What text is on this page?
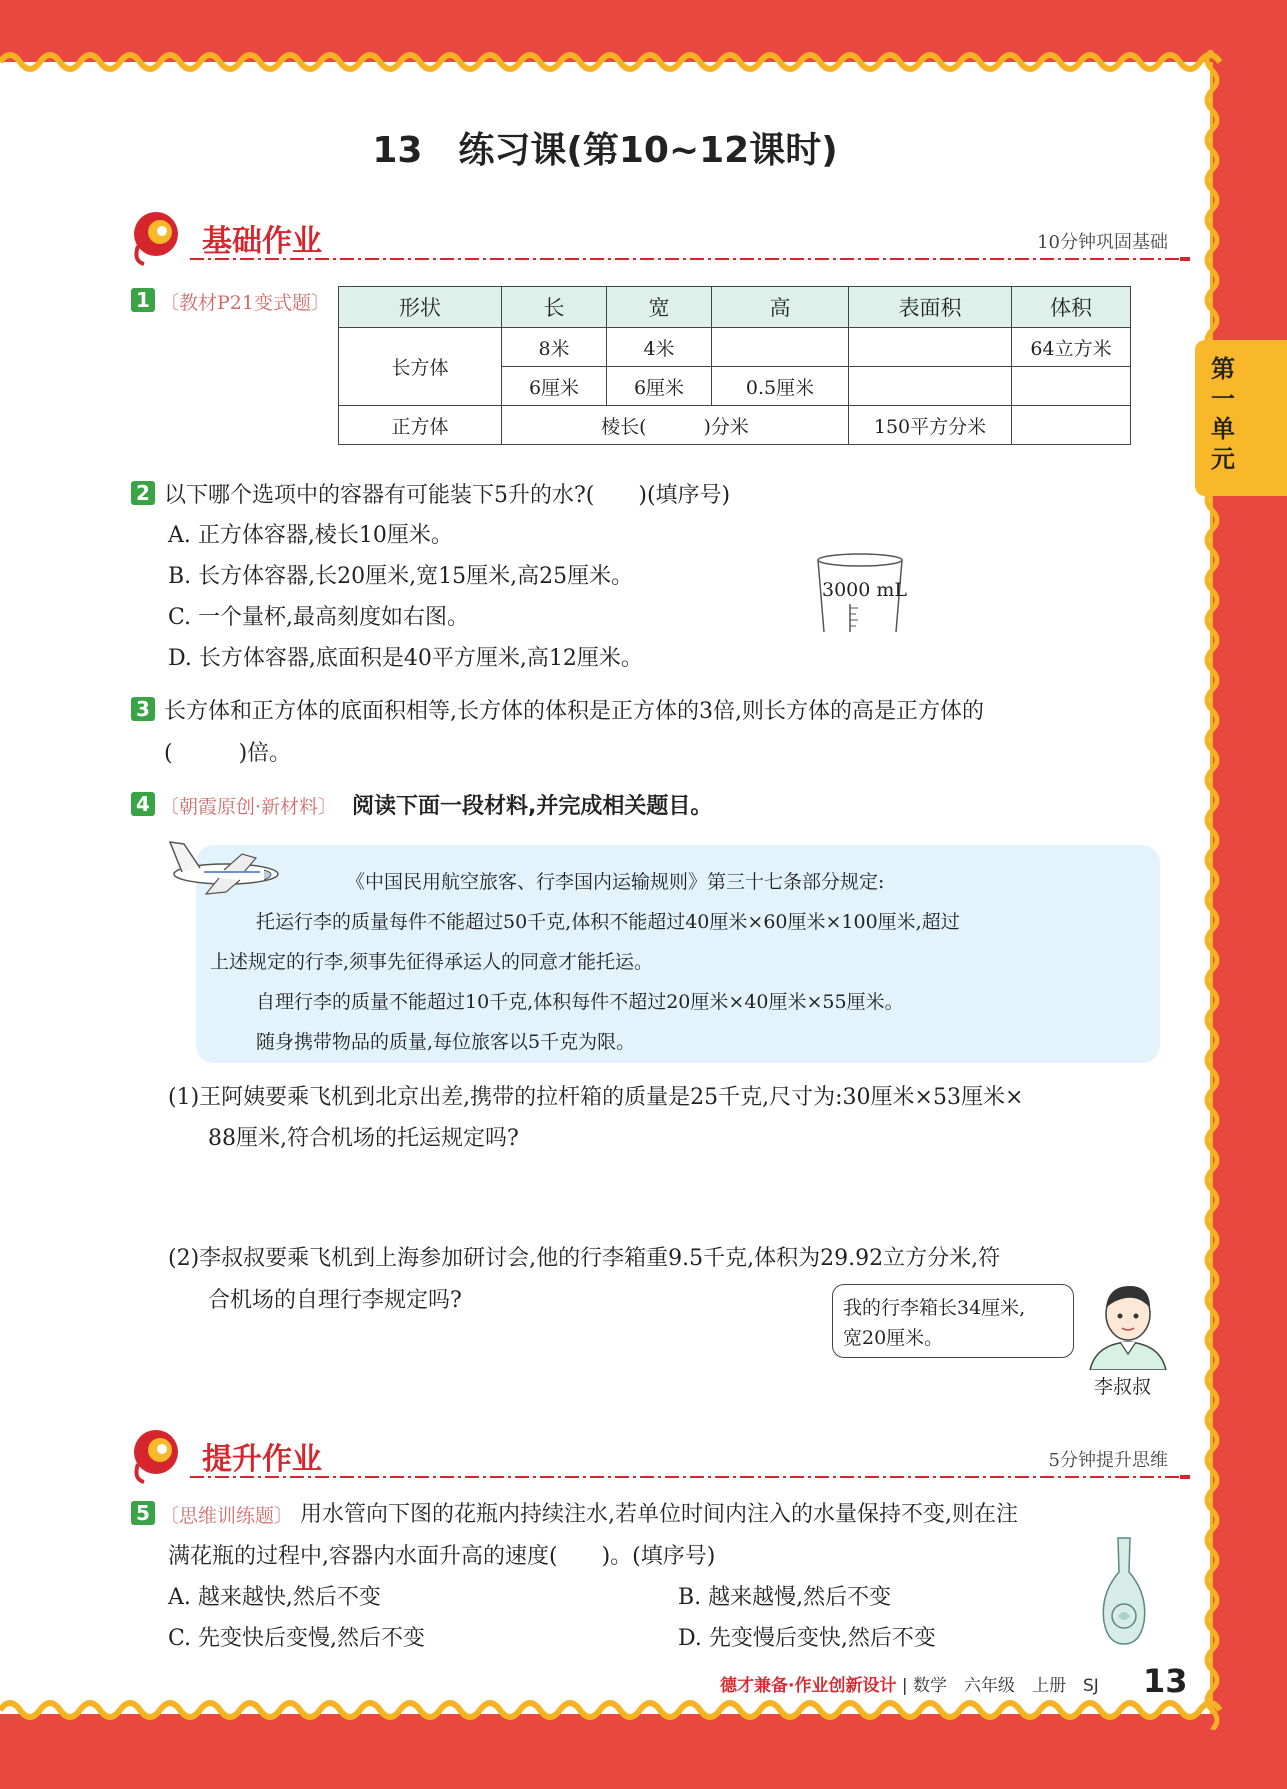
第一单元
13　练习课(第10~12课时)
基础作业	10分钟巩固基础
1 〔教材P21变式题〕	形状	长	宽	高	表面积	体积
长方体	8米	4米			64立方米
	6厘米	6厘米	0.5厘米		
正方体	棱长(　　　)分米			150平方分米	
2 以下哪个选项中的容器有可能装下5升的水?(　　)(填序号)
A. 正方体容器,棱长10厘米。
B. 长方体容器,长20厘米,宽15厘米,高25厘米。
C. 一个量杯,最高刻度如右图。
D. 长方体容器,底面积是40平方厘米,高12厘米。
3000 mL
3 长方体和正方体的底面积相等,长方体的体积是正方体的3倍,则长方体的高是正方体的
(　　　)倍。
4 〔朝霞原创·新材料〕 阅读下面一段材料,并完成相关题目。
《中国民用航空旅客、行李国内运输规则》第三十七条部分规定:
托运行李的质量每件不能超过50千克,体积不能超过40厘米×60厘米×100厘米,超过
上述规定的行李,须事先征得承运人的同意才能托运。
自理行李的质量不能超过10千克,体积每件不超过20厘米×40厘米×55厘米。
随身携带物品的质量,每位旅客以5千克为限。
(1)王阿姨要乘飞机到北京出差,携带的拉杆箱的质量是25千克,尺寸为:30厘米×53厘米×
88厘米,符合机场的托运规定吗?
(2)李叔叔要乘飞机到上海参加研讨会,他的行李箱重9.5千克,体积为29.92立方分米,符
合机场的自理行李规定吗?	我的行李箱长34厘米,
宽20厘米。
李叔叔
提升作业	5分钟提升思维
5 〔思维训练题〕 用水管向下图的花瓶内持续注水,若单位时间内注入的水量保持不变,则在注
满花瓶的过程中,容器内水面升高的速度(　　)。(填序号)
A. 越来越快,然后不变	B. 越来越慢,然后不变
C. 先变快后变慢,然后不变	D. 先变慢后变快,然后不变
德才兼备·作业创新设计 | 数学　六年级　上册　SJ 13
